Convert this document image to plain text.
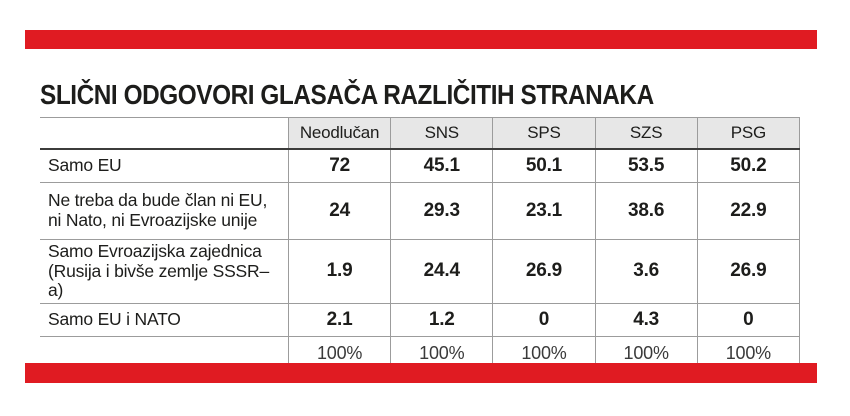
SLIČNI ODGOVORI GLASAČA RAZLIČITIH STRANAKA
	Neodlučan	SNS	SPS	SZS	PSG
Samo EU	72	45.1	50.1	53.5	50.2
Ne treba da bude član ni EU, ni Nato, ni Evroazijske unije	24	29.3	23.1	38.6	22.9
Samo Evroazijska zajednica (Rusija i bivše zemlje SSSR–a)	1.9	24.4	26.9	3.6	26.9
Samo EU i NATO	2.1	1.2	0	4.3	0
	100%	100%	100%	100%	100%
